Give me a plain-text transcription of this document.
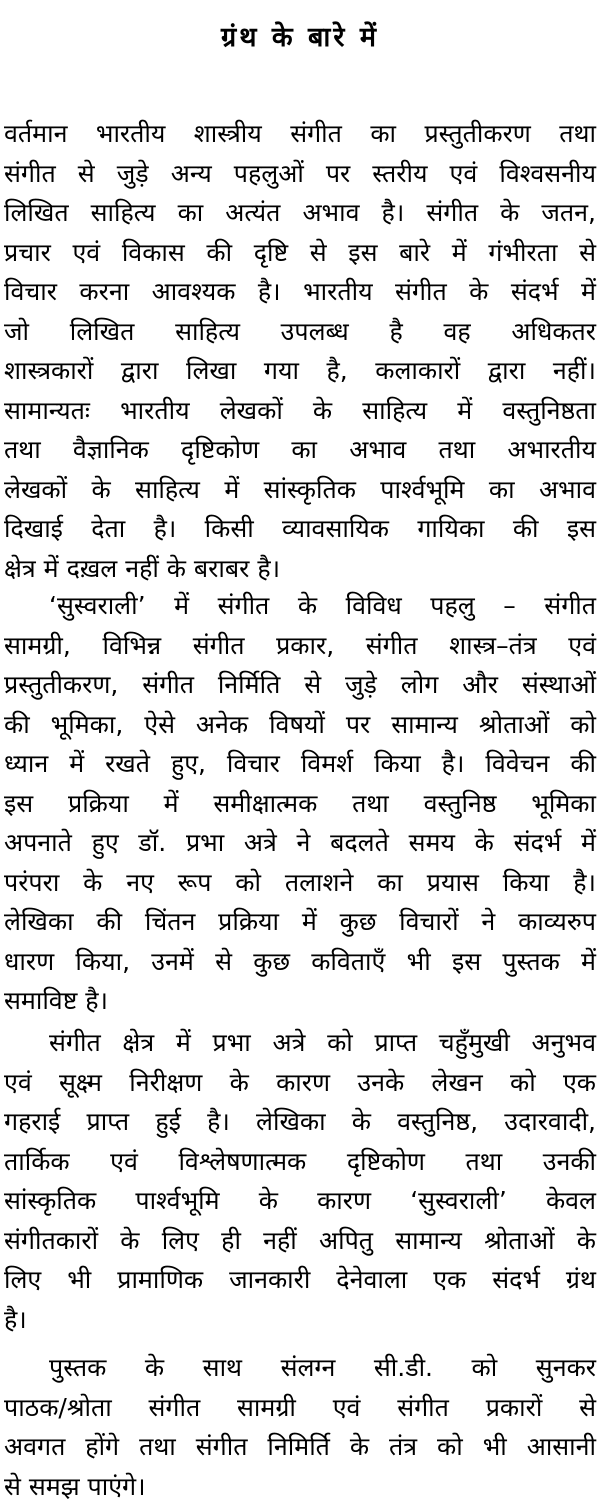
ग्रंथ के बारे में
वर्तमान भारतीय शास्त्रीय संगीत का प्रस्तुतीकरण तथा
संगीत से जुड़े अन्य पहलुओं पर स्तरीय एवं विश्वसनीय
लिखित साहित्य का अत्यंत अभाव है। संगीत के जतन,
प्रचार एवं विकास की दृष्टि से इस बारे में गंभीरता से
विचार करना आवश्यक है। भारतीय संगीत के संदर्भ में
जो लिखित साहित्य उपलब्ध है वह अधिकतर
शास्त्रकारों द्वारा लिखा गया है, कलाकारों द्वारा नहीं।
सामान्यतः भारतीय लेखकों के साहित्य में वस्तुनिष्ठता
तथा वैज्ञानिक दृष्टिकोण का अभाव तथा अभारतीय
लेखकों के साहित्य में सांस्कृतिक पार्श्वभूमि का अभाव
दिखाई देता है। किसी व्यावसायिक गायिका की इस
क्षेत्र में दख़ल नहीं के बराबर है।
‘सुस्वराली’ में संगीत के विविध पहलु – संगीत
सामग्री, विभिन्न संगीत प्रकार, संगीत शास्त्र–तंत्र एवं
प्रस्तुतीकरण, संगीत निर्मिति से जुड़े लोग और संस्थाओं
की भूमिका, ऐसे अनेक विषयों पर सामान्य श्रोताओं को
ध्यान में रखते हुए, विचार विमर्श किया है। विवेचन की
इस प्रक्रिया में समीक्षात्मक तथा वस्तुनिष्ठ भूमिका
अपनाते हुए डॉ. प्रभा अत्रे ने बदलते समय के संदर्भ में
परंपरा के नए रूप को तलाशने का प्रयास किया है।
लेखिका की चिंतन प्रक्रिया में कुछ विचारों ने काव्यरुप
धारण किया, उनमें से कुछ कविताएँ भी इस पुस्तक में
समाविष्ट है।
संगीत क्षेत्र में प्रभा अत्रे को प्राप्त चहुँमुखी अनुभव
एवं सूक्ष्म निरीक्षण के कारण उनके लेखन को एक
गहराई प्राप्त हुई है। लेखिका के वस्तुनिष्ठ, उदारवादी,
तार्किक एवं विश्लेषणात्मक दृष्टिकोण तथा उनकी
सांस्कृतिक पार्श्वभूमि के कारण ‘सुस्वराली’ केवल
संगीतकारों के लिए ही नहीं अपितु सामान्य श्रोताओं के
लिए भी प्रामाणिक जानकारी देनेवाला एक संदर्भ ग्रंथ
है।
पुस्तक के साथ संलग्न सी.डी. को सुनकर
पाठक/श्रोता संगीत सामग्री एवं संगीत प्रकारों से
अवगत होंगे तथा संगीत निमिर्ति के तंत्र को भी आसानी
से समझ पाएंगे।
